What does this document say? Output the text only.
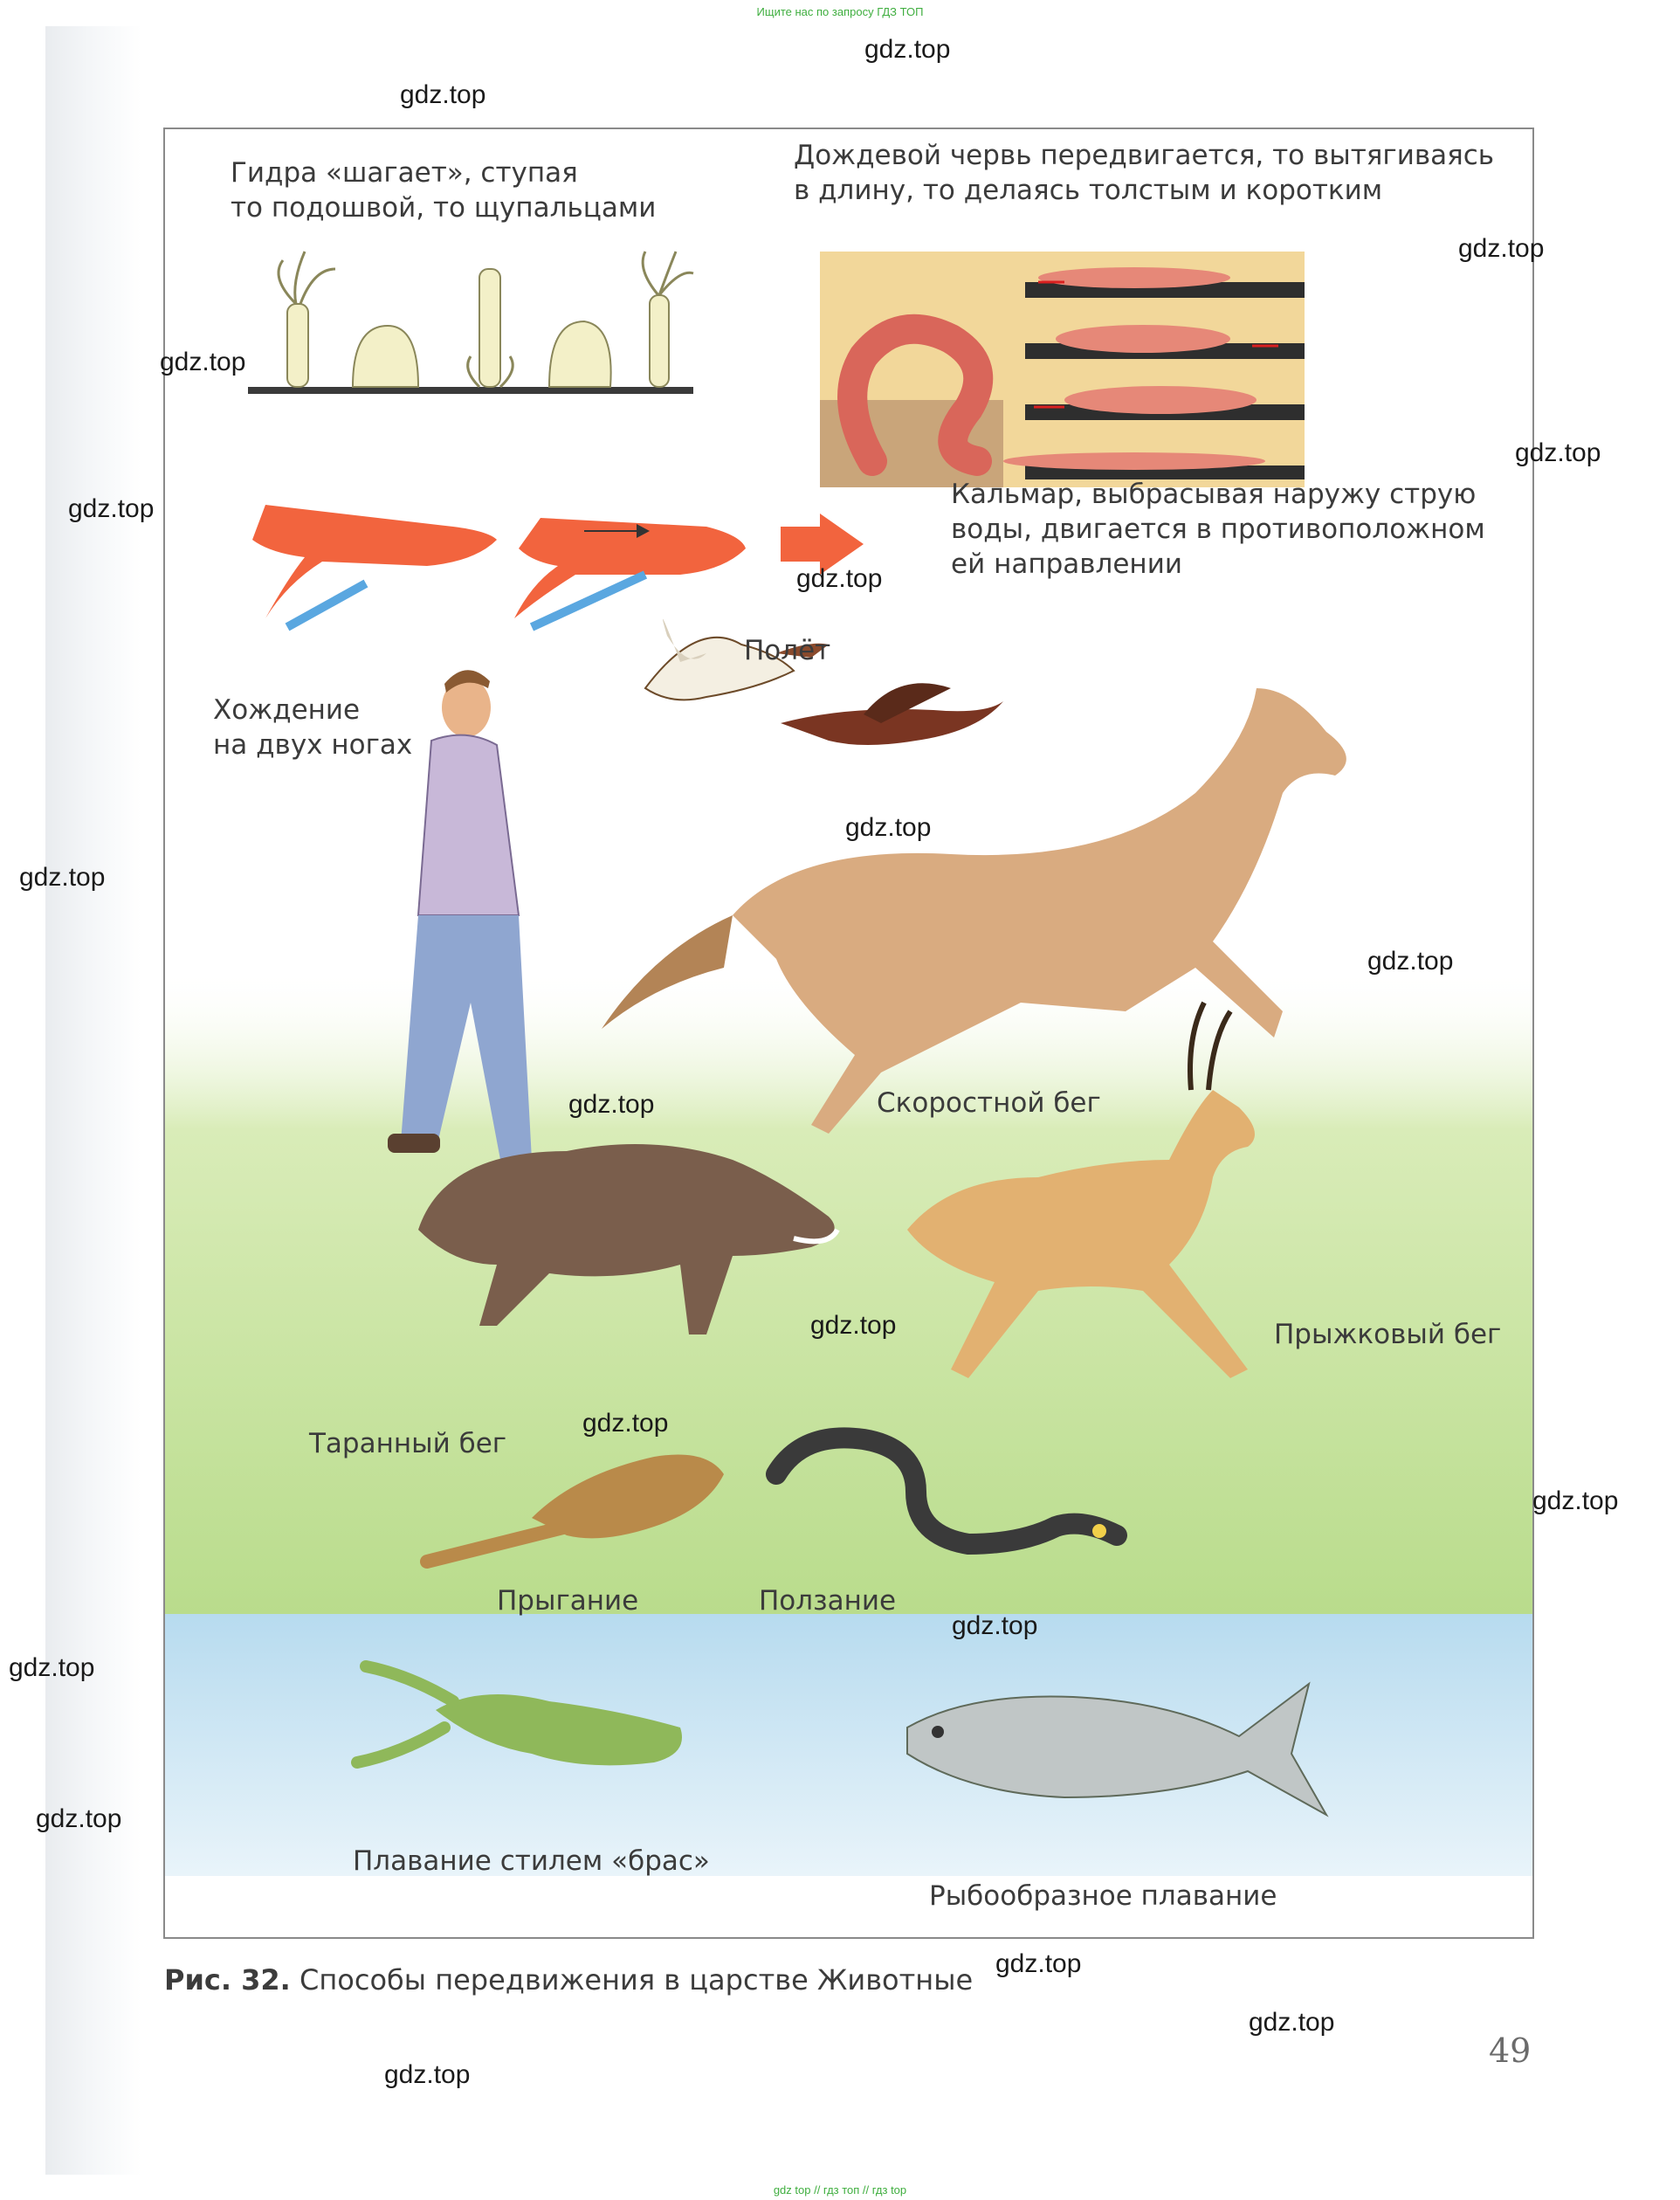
Ищите нас по запросу ГДЗ ТОП
Гидра «шагает», ступая
то подошвой, то щупальцами
Дождевой червь передвигается, то вытягиваясь
в длину, то делаясь толстым и коротким
Кальмар, выбрасывая наружу струю
воды, двигается в противоположном
ей направлении
Полёт
Хождение
на двух ногах
Скоростной бег
Таранный бег
Прыжковый бег
Прыгание	Ползание
Плавание стилем «брас»
Рыбообразное плавание
Рис. 32. Способы передвижения в царстве Животные
49
gdz.top
gdz.top
gdz.top
gdz.top
gdz.top
gdz.top
gdz.top
gdz.top
gdz.top
gdz.top
gdz.top
gdz.top
gdz.top
gdz.top
gdz.top
gdz.top
gdz.top
gdz.top
gdz.top
gdz.top
gdz top // гдз топ // гдз top
